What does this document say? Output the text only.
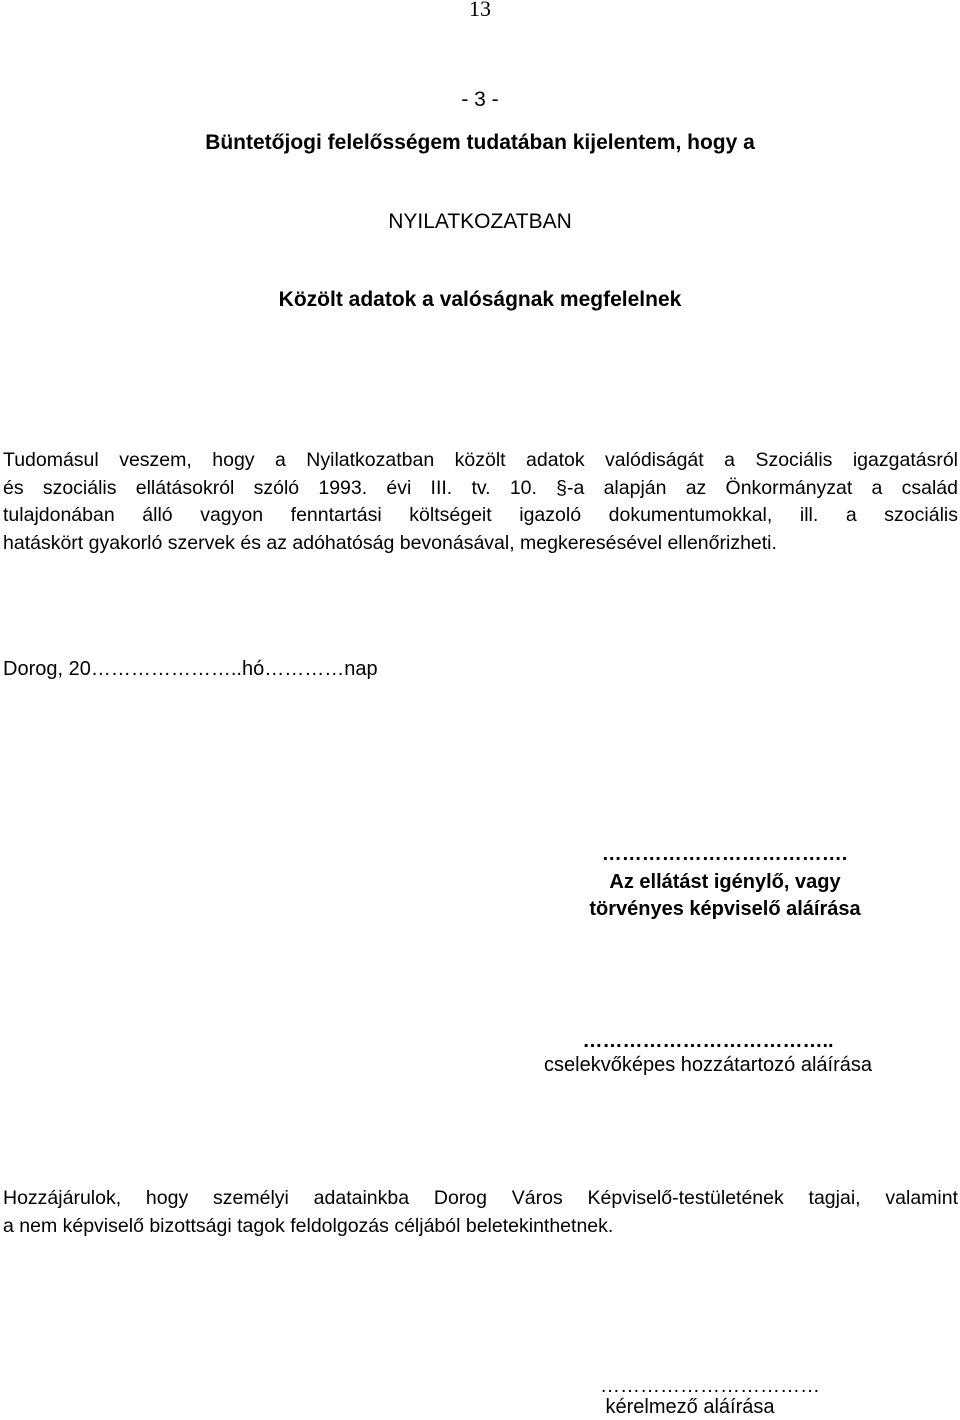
13
- 3 -
Büntetőjogi felelősségem tudatában kijelentem, hogy a
NYILATKOZATBAN
Közölt adatok a valóságnak megfelelnek
Tudomásul veszem, hogy a Nyilatkozatban közölt adatok valódiságát a Szociális igazgatásról
és szociális ellátásokról szóló 1993. évi III. tv. 10. §-a alapján az Önkormányzat a család
tulajdonában álló vagyon fenntartási költségeit igazoló dokumentumokkal, ill. a szociális
hatáskört gyakorló szervek és az adóhatóság bevonásával, megkeresésével ellenőrizheti.
Dorog, 20…………………..hó…………nap
……………………………….
Az ellátást igénylő, vagy
törvényes képviselő aláírása
………………………………..
cselekvőképes hozzátartozó aláírása
Hozzájárulok, hogy személyi adatainkba Dorog Város Képviselő-testületének tagjai, valamint
a nem képviselő bizottsági tagok feldolgozás céljából beletekinthetnek.
……………………………
kérelmező aláírása
